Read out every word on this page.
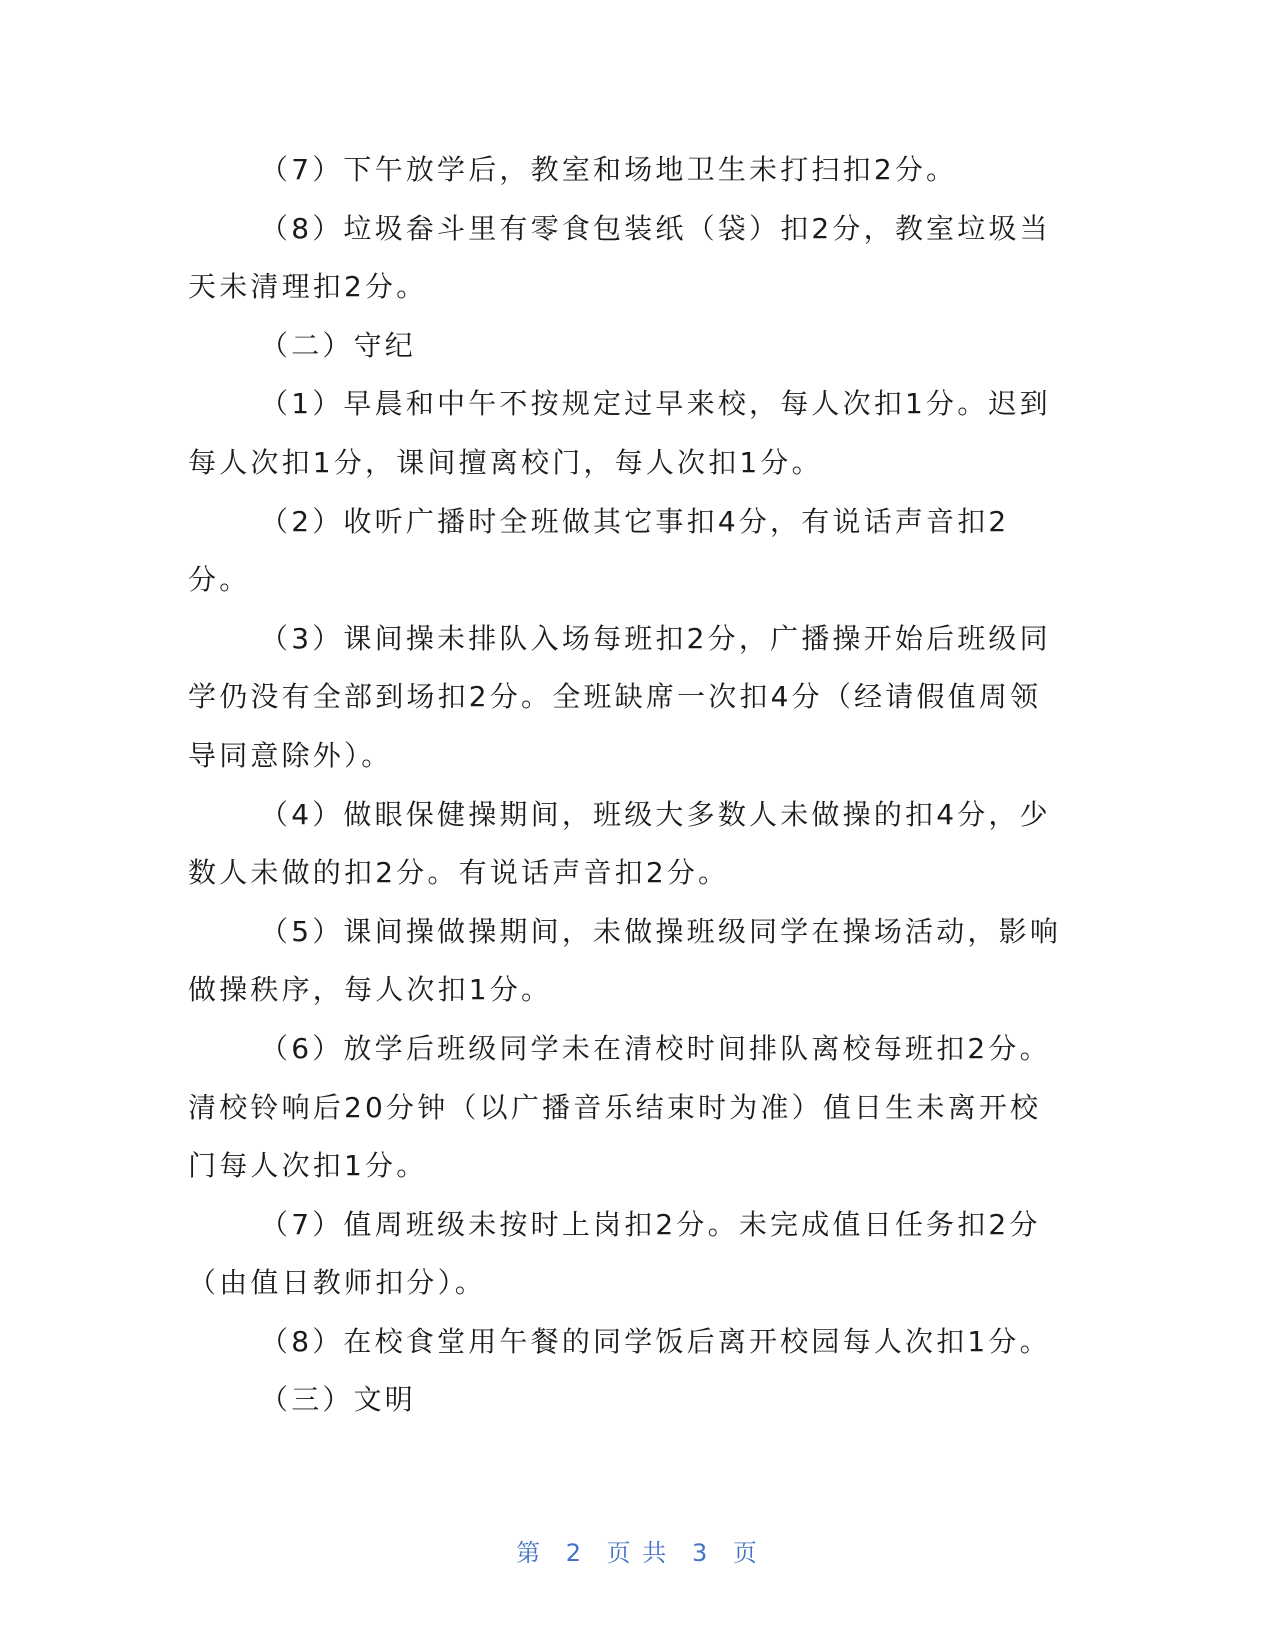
（7）下午放学后，教室和场地卫生未打扫扣2分。

（8）垃圾畚斗里有零食包装纸（袋）扣2分，教室垃圾当天未清理扣2分。

（二）守纪

（1）早晨和中午不按规定过早来校，每人次扣1分。迟到每人次扣1分，课间擅离校门，每人次扣1分。

（2）收听广播时全班做其它事扣4分，有说话声音扣2分。

（3）课间操未排队入场每班扣2分，广播操开始后班级同学仍没有全部到场扣2分。全班缺席一次扣4分（经请假值周领导同意除外）。

（4）做眼保健操期间，班级大多数人未做操的扣4分，少数人未做的扣2分。有说话声音扣2分。

（5）课间操做操期间，未做操班级同学在操场活动，影响做操秩序，每人次扣1分。

（6）放学后班级同学未在清校时间排队离校每班扣2分。清校铃响后20分钟（以广播音乐结束时为准）值日生未离开校门每人次扣1分。

（7）值周班级未按时上岗扣2分。未完成值日任务扣2分（由值日教师扣分）。

（8）在校食堂用午餐的同学饭后离开校园每人次扣1分。

（三）文明

第 2 页 共 3 页
